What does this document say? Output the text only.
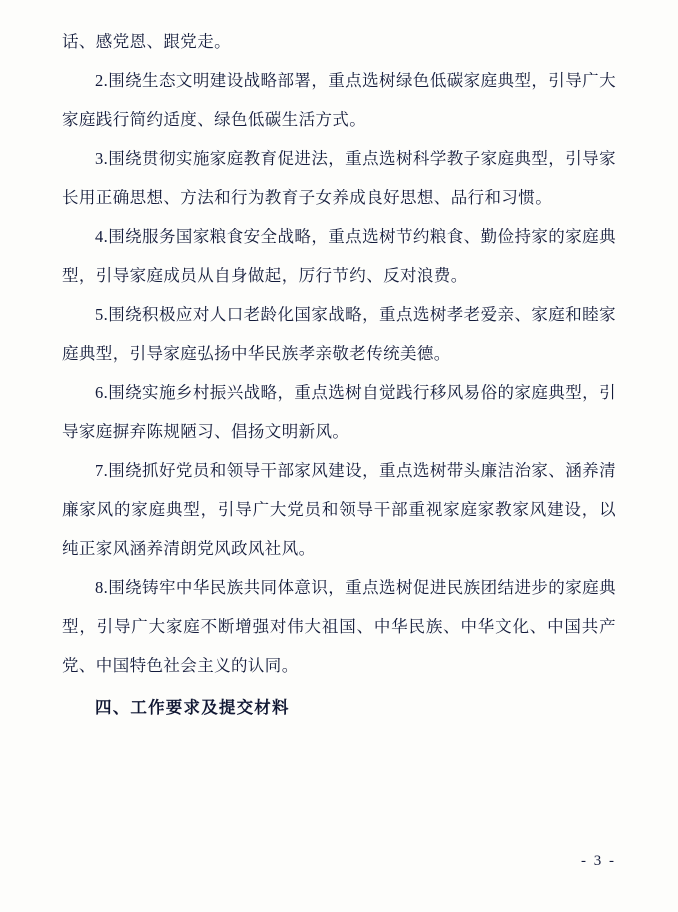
话、感党恩、跟党走。

2.围绕生态文明建设战略部署，重点选树绿色低碳家庭典型，引导广大家庭践行简约适度、绿色低碳生活方式。

3.围绕贯彻实施家庭教育促进法，重点选树科学教子家庭典型，引导家长用正确思想、方法和行为教育子女养成良好思想、品行和习惯。

4.围绕服务国家粮食安全战略，重点选树节约粮食、勤俭持家的家庭典型，引导家庭成员从自身做起，厉行节约、反对浪费。

5.围绕积极应对人口老龄化国家战略，重点选树孝老爱亲、家庭和睦家庭典型，引导家庭弘扬中华民族孝亲敬老传统美德。

6.围绕实施乡村振兴战略，重点选树自觉践行移风易俗的家庭典型，引导家庭摒弃陈规陋习、倡扬文明新风。

7.围绕抓好党员和领导干部家风建设，重点选树带头廉洁治家、涵养清廉家风的家庭典型，引导广大党员和领导干部重视家庭家教家风建设，以纯正家风涵养清朗党风政风社风。

8.围绕铸牢中华民族共同体意识，重点选树促进民族团结进步的家庭典型，引导广大家庭不断增强对伟大祖国、中华民族、中华文化、中国共产党、中国特色社会主义的认同。

四、工作要求及提交材料

- 3 -
